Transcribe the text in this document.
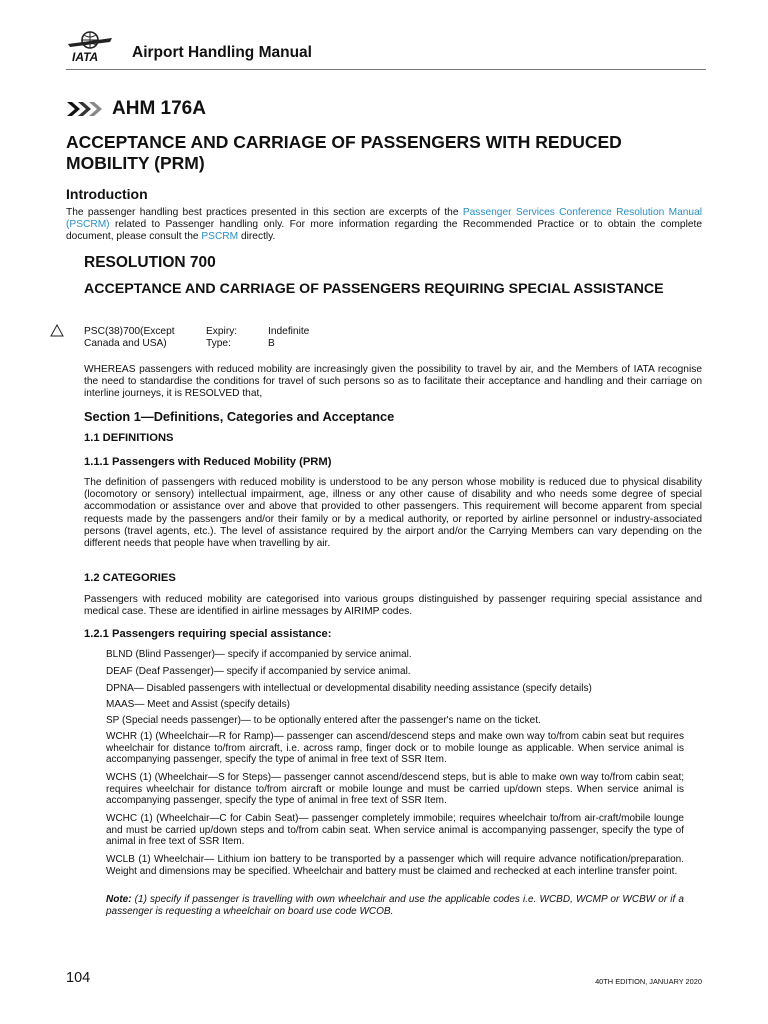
IATA Airport Handling Manual
AHM 176A
ACCEPTANCE AND CARRIAGE OF PASSENGERS WITH REDUCED MOBILITY (PRM)
Introduction
The passenger handling best practices presented in this section are excerpts of the Passenger Services Conference Resolution Manual (PSCRM) related to Passenger handling only. For more information regarding the Recommended Practice or to obtain the complete document, please consult the PSCRM directly.
RESOLUTION 700
ACCEPTANCE AND CARRIAGE OF PASSENGERS REQUIRING SPECIAL ASSISTANCE
PSC(38)700(Except	Expiry:	Indefinite
Canada and USA)	Type:	B
WHEREAS passengers with reduced mobility are increasingly given the possibility to travel by air, and the Members of IATA recognise the need to standardise the conditions for travel of such persons so as to facilitate their acceptance and handling and their carriage on interline journeys, it is RESOLVED that,
Section 1—Definitions, Categories and Acceptance
1.1 DEFINITIONS
1.1.1 Passengers with Reduced Mobility (PRM)
The definition of passengers with reduced mobility is understood to be any person whose mobility is reduced due to physical disability (locomotory or sensory) intellectual impairment, age, illness or any other cause of disability and who needs some degree of special accommodation or assistance over and above that provided to other passengers. This requirement will become apparent from special requests made by the passengers and/or their family or by a medical authority, or reported by airline personnel or industry-associated persons (travel agents, etc.). The level of assistance required by the airport and/or the Carrying Members can vary depending on the different needs that people have when travelling by air.
1.2 CATEGORIES
Passengers with reduced mobility are categorised into various groups distinguished by passenger requiring special assistance and medical case. These are identified in airline messages by AIRIMP codes.
1.2.1 Passengers requiring special assistance:
BLND (Blind Passenger)— specify if accompanied by service animal.
DEAF (Deaf Passenger)— specify if accompanied by service animal.
DPNA— Disabled passengers with intellectual or developmental disability needing assistance (specify details)
MAAS— Meet and Assist (specify details)
SP (Special needs passenger)— to be optionally entered after the passenger's name on the ticket.
WCHR (1) (Wheelchair—R for Ramp)— passenger can ascend/descend steps and make own way to/from cabin seat but requires wheelchair for distance to/from aircraft, i.e. across ramp, finger dock or to mobile lounge as applicable. When service animal is accompanying passenger, specify the type of animal in free text of SSR Item.
WCHS (1) (Wheelchair—S for Steps)— passenger cannot ascend/descend steps, but is able to make own way to/from cabin seat; requires wheelchair for distance to/from aircraft or mobile lounge and must be carried up/down steps. When service animal is accompanying passenger, specify the type of animal in free text of SSR Item.
WCHC (1) (Wheelchair—C for Cabin Seat)— passenger completely immobile; requires wheelchair to/from air-craft/mobile lounge and must be carried up/down steps and to/from cabin seat. When service animal is accompanying passenger, specify the type of animal in free text of SSR Item.
WCLB (1) Wheelchair— Lithium ion battery to be transported by a passenger which will require advance notification/preparation. Weight and dimensions may be specified. Wheelchair and battery must be claimed and rechecked at each interline transfer point.
Note: (1) specify if passenger is travelling with own wheelchair and use the applicable codes i.e. WCBD, WCMP or WCBW or if a passenger is requesting a wheelchair on board use code WCOB.
104	40TH EDITION, JANUARY 2020
